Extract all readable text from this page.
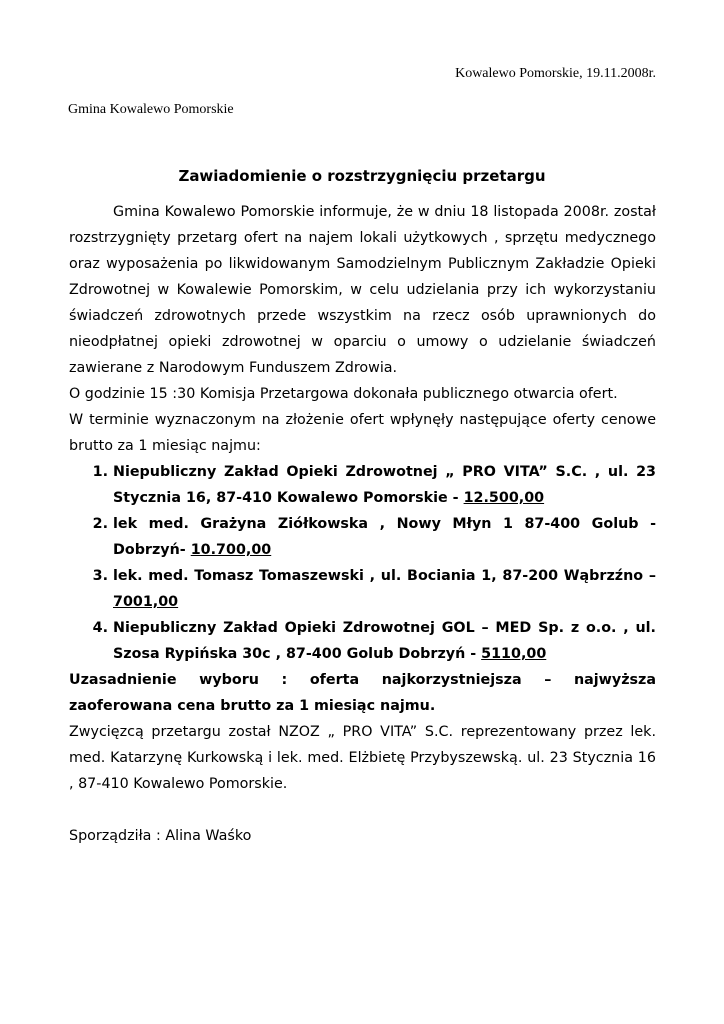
Kowalewo Pomorskie, 19.11.2008r.
Gmina Kowalewo Pomorskie
Zawiadomienie o rozstrzygnięciu przetargu

Gmina Kowalewo Pomorskie informuje, że w dniu 18 listopada 2008r. został rozstrzygnięty przetarg ofert na najem lokali użytkowych , sprzętu medycznego oraz wyposażenia po likwidowanym Samodzielnym Publicznym Zakładzie Opieki Zdrowotnej w Kowalewie Pomorskim, w celu udzielania przy ich wykorzystaniu świadczeń zdrowotnych przede wszystkim na rzecz osób uprawnionych do nieodpłatnej opieki zdrowotnej w oparciu o umowy o udzielanie świadczeń zawierane z Narodowym Funduszem Zdrowia.

O godzinie 15 :30 Komisja Przetargowa dokonała publicznego otwarcia ofert.

W terminie wyznaczonym na złożenie ofert wpłynęły następujące oferty cenowe brutto za 1 miesiąc najmu:

1. Niepubliczny Zakład Opieki Zdrowotnej „ PRO VITA” S.C. , ul. 23 Stycznia 16, 87-410 Kowalewo Pomorskie - 12.500,00
2. lek med. Grażyna Ziółkowska , Nowy Młyn 1 87-400 Golub - Dobrzyń- 10.700,00
3. lek. med. Tomasz Tomaszewski , ul. Bociania 1, 87-200 Wąbrzźno – 7001,00
4. Niepubliczny Zakład Opieki Zdrowotnej GOL – MED Sp. z o.o. , ul. Szosa Rypińska 30c , 87-400 Golub Dobrzyń - 5110,00

Uzasadnienie wyboru : oferta najkorzystniejsza – najwyższa zaoferowana cena brutto za 1 miesiąc najmu.

Zwycięzcą przetargu został NZOZ „ PRO VITA” S.C. reprezentowany przez lek. med. Katarzynę Kurkowską i lek. med. Elżbietę Przybyszewską. ul. 23 Stycznia 16 , 87-410 Kowalewo Pomorskie.

Sporządziła : Alina Waśko
